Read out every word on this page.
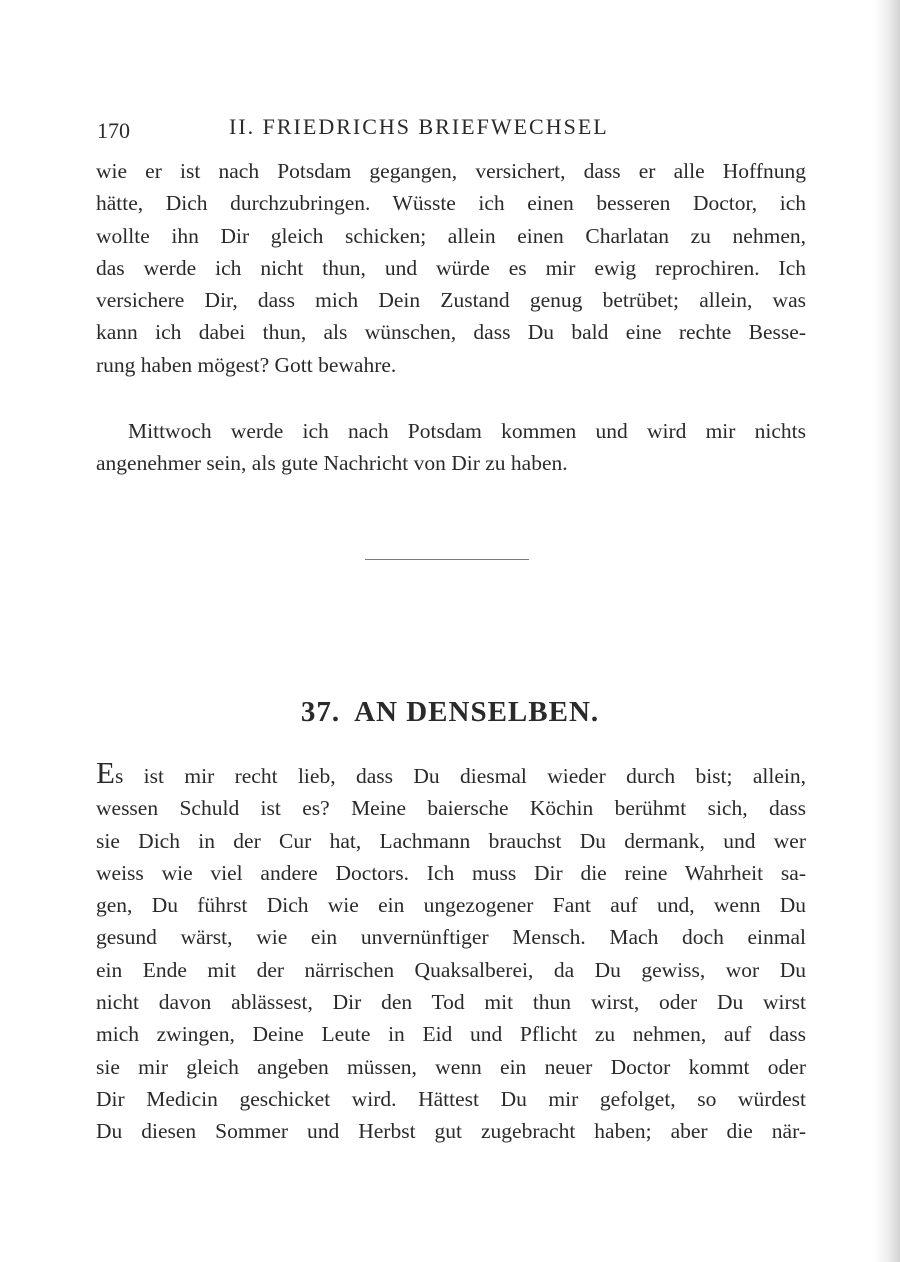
170	II. FRIEDRICHS BRIEFWECHSEL
wie er ist nach Potsdam gegangen, versichert, dass er alle Hoffnung
hätte, Dich durchzubringen. Wüsste ich einen besseren Doctor, ich
wollte ihn Dir gleich schicken; allein einen Charlatan zu nehmen,
das werde ich nicht thun, und würde es mir ewig reprochiren. Ich
versichere Dir, dass mich Dein Zustand genug betrübet; allein, was
kann ich dabei thun, als wünschen, dass Du bald eine rechte Besse-
rung haben mögest? Gott bewahre.
Mittwoch werde ich nach Potsdam kommen und wird mir nichts
angenehmer sein, als gute Nachricht von Dir zu haben.
37. AN DENSELBEN.
Es ist mir recht lieb, dass Du diesmal wieder durch bist; allein,
wessen Schuld ist es? Meine baiersche Köchin berühmt sich, dass
sie Dich in der Cur hat, Lachmann brauchst Du dermank, und wer
weiss wie viel andere Doctors. Ich muss Dir die reine Wahrheit sa-
gen, Du führst Dich wie ein ungezogener Fant auf und, wenn Du
gesund wärst, wie ein unvernünftiger Mensch. Mach doch einmal
ein Ende mit der närrischen Quaksalberei, da Du gewiss, wor Du
nicht davon ablässest, Dir den Tod mit thun wirst, oder Du wirst
mich zwingen, Deine Leute in Eid und Pflicht zu nehmen, auf dass
sie mir gleich angeben müssen, wenn ein neuer Doctor kommt oder
Dir Medicin geschicket wird. Hättest Du mir gefolget, so würdest
Du diesen Sommer und Herbst gut zugebracht haben; aber die när-
